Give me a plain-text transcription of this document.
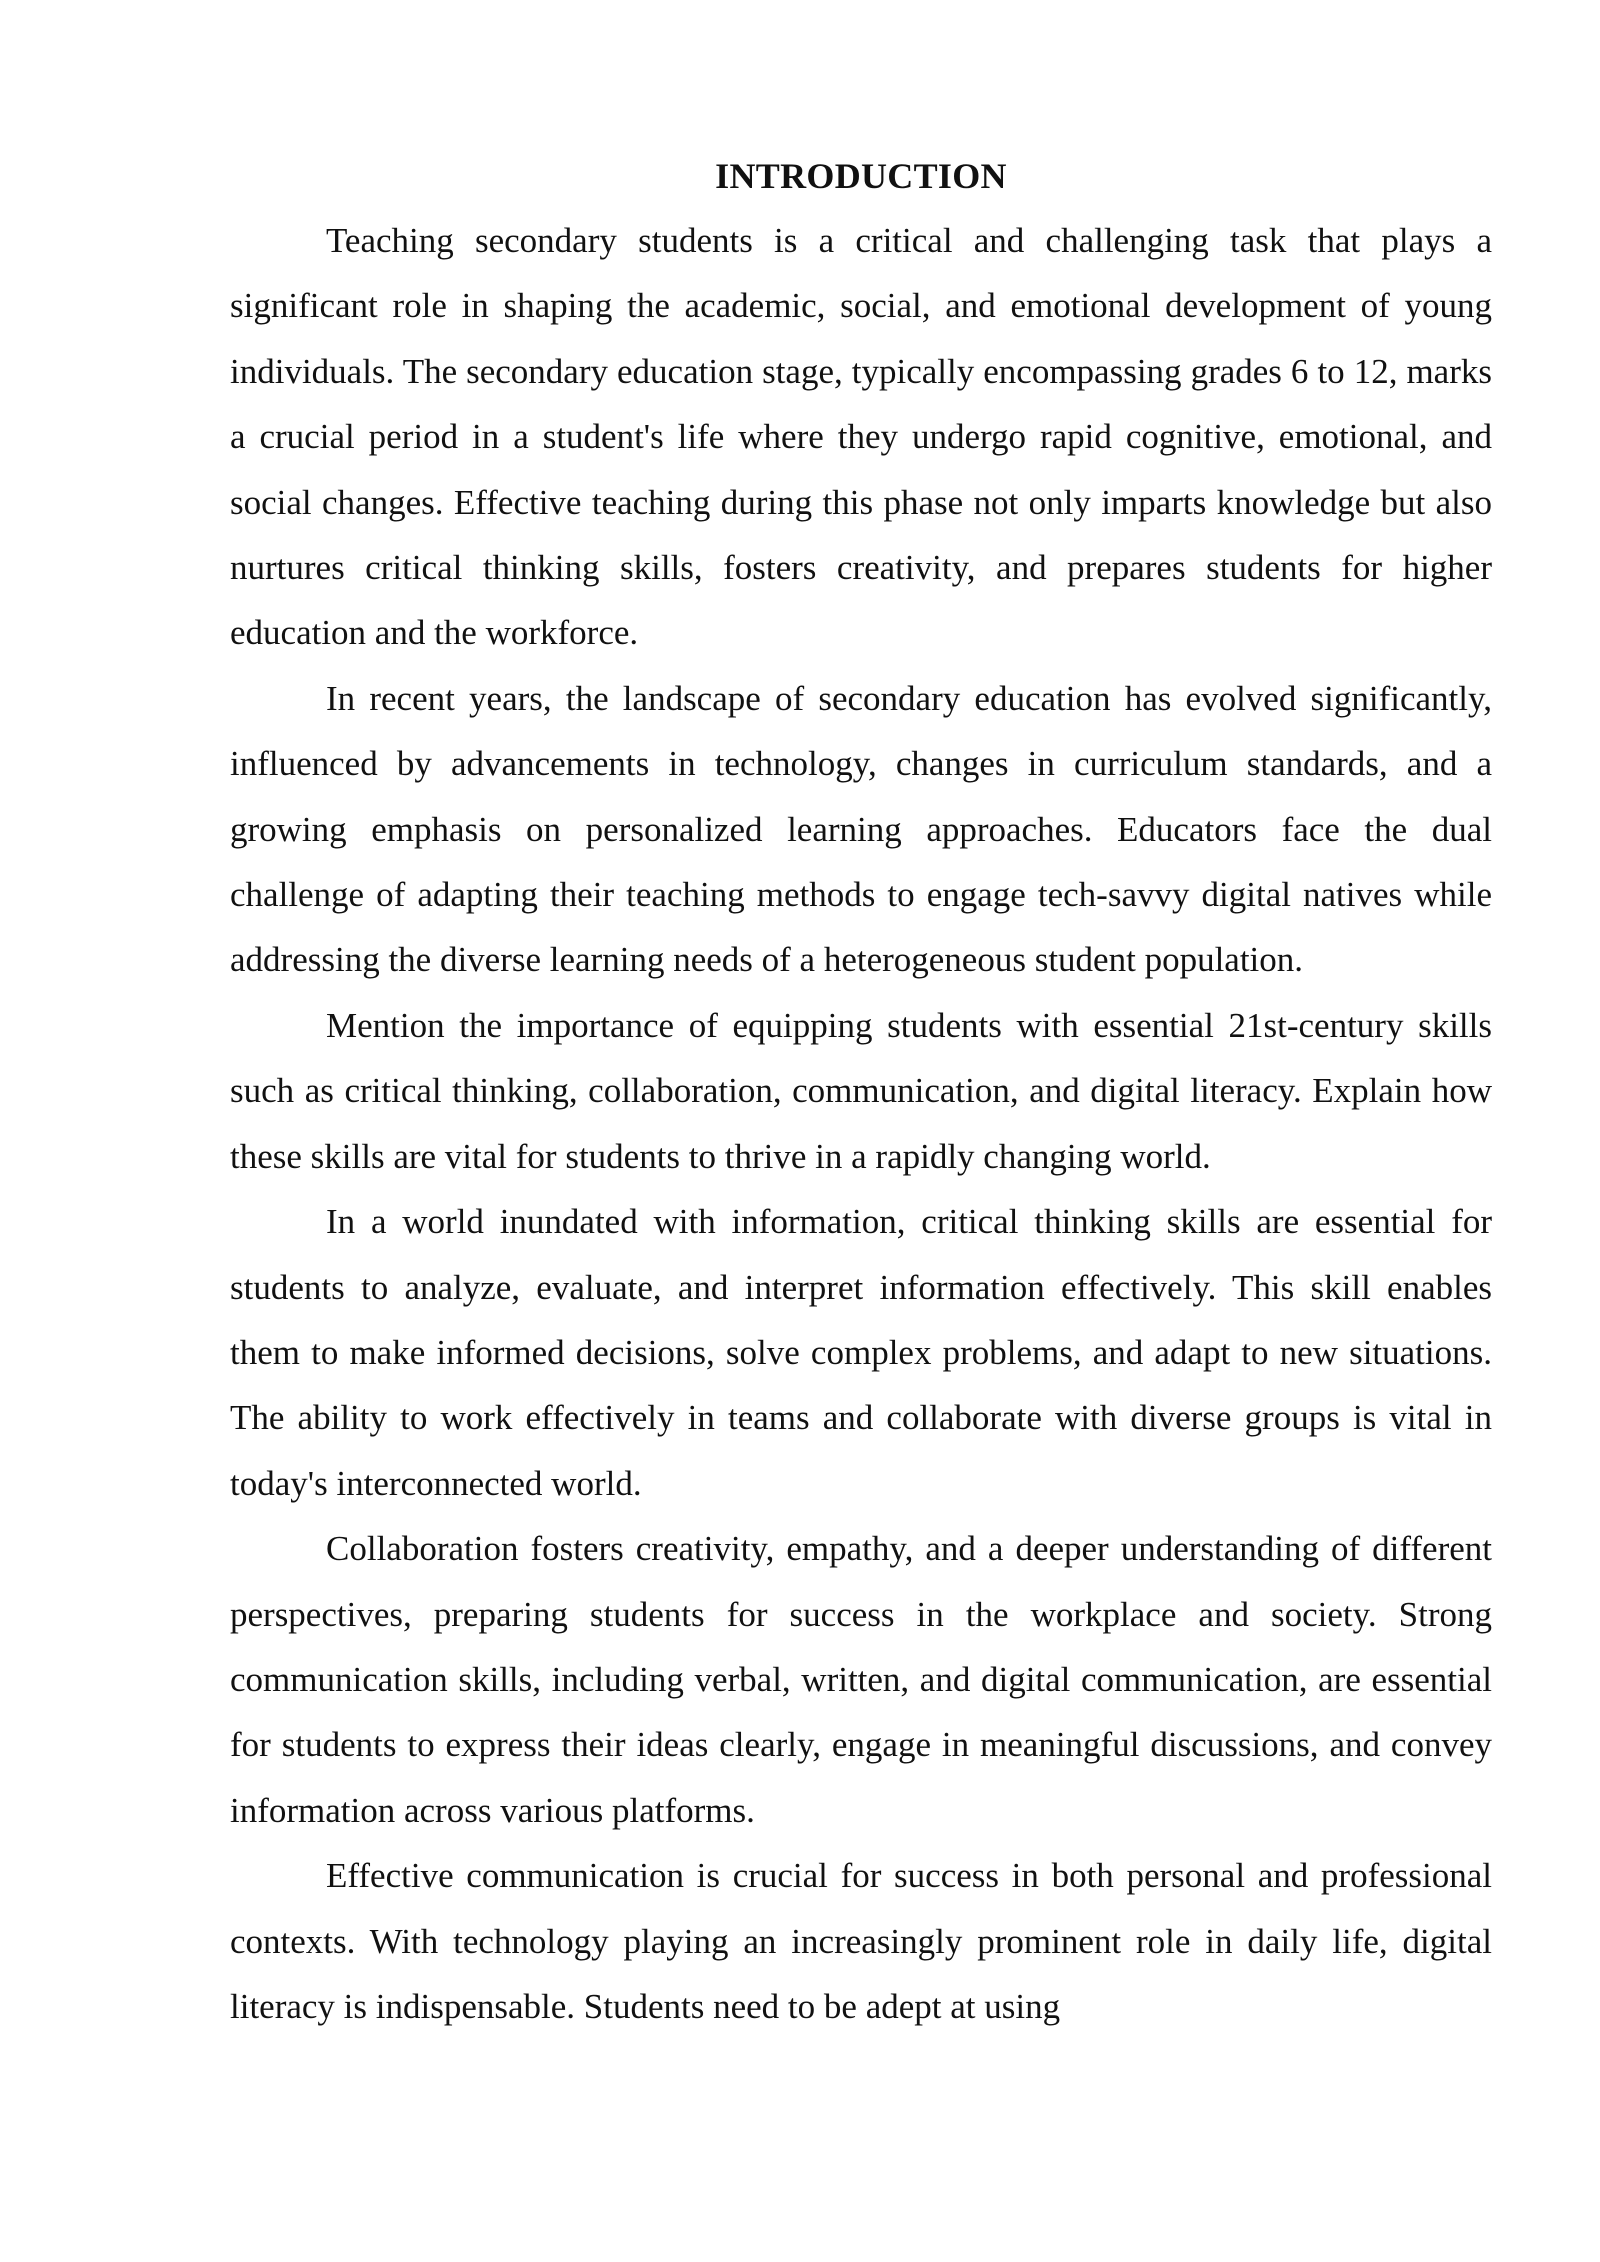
INTRODUCTION

Teaching secondary students is a critical and challenging task that plays a significant role in shaping the academic, social, and emotional development of young individuals. The secondary education stage, typically encompassing grades 6 to 12, marks a crucial period in a student's life where they undergo rapid cognitive, emotional, and social changes. Effective teaching during this phase not only imparts knowledge but also nurtures critical thinking skills, fosters creativity, and prepares students for higher education and the workforce.

In recent years, the landscape of secondary education has evolved significantly, influenced by advancements in technology, changes in curriculum standards, and a growing emphasis on personalized learning approaches. Educators face the dual challenge of adapting their teaching methods to engage tech-savvy digital natives while addressing the diverse learning needs of a heterogeneous student population.

Mention the importance of equipping students with essential 21st-century skills such as critical thinking, collaboration, communication, and digital literacy. Explain how these skills are vital for students to thrive in a rapidly changing world.

In a world inundated with information, critical thinking skills are essential for students to analyze, evaluate, and interpret information effectively. This skill enables them to make informed decisions, solve complex problems, and adapt to new situations. The ability to work effectively in teams and collaborate with diverse groups is vital in today's interconnected world.

Collaboration fosters creativity, empathy, and a deeper understanding of different perspectives, preparing students for success in the workplace and society. Strong communication skills, including verbal, written, and digital communication, are essential for students to express their ideas clearly, engage in meaningful discussions, and convey information across various platforms.

Effective communication is crucial for success in both personal and professional contexts. With technology playing an increasingly prominent role in daily life, digital literacy is indispensable. Students need to be adept at using
